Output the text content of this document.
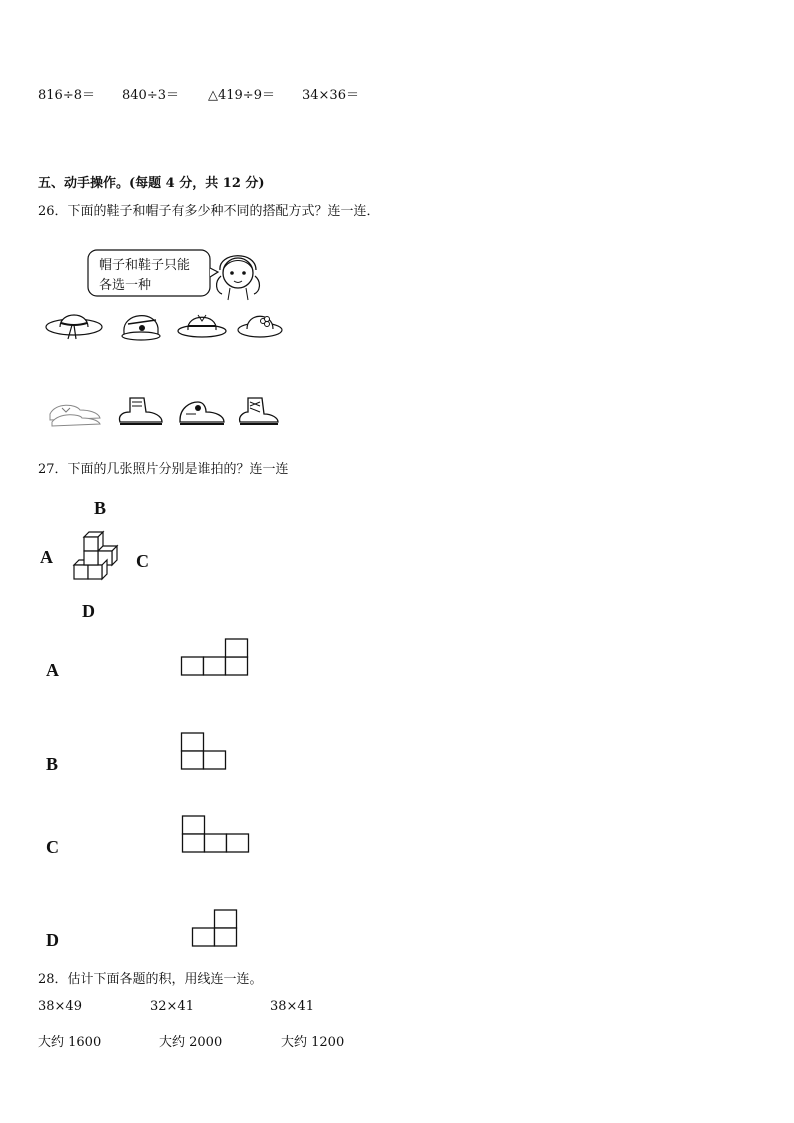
816÷8＝ 840÷3＝ △419÷9＝ 34×36＝
五、动手操作。(每题 4 分，共 12 分)
26．下面的鞋子和帽子有多少种不同的搭配方式？连一连．
帽子和鞋子只能
各选一种
27．下面的几张照片分别是谁拍的？连一连
B
A	C
D
A
B
C
D
28．估计下面各题的积，用线连一连。
38×49	32×41	38×41
大约 1600	大约 2000	大约 1200
